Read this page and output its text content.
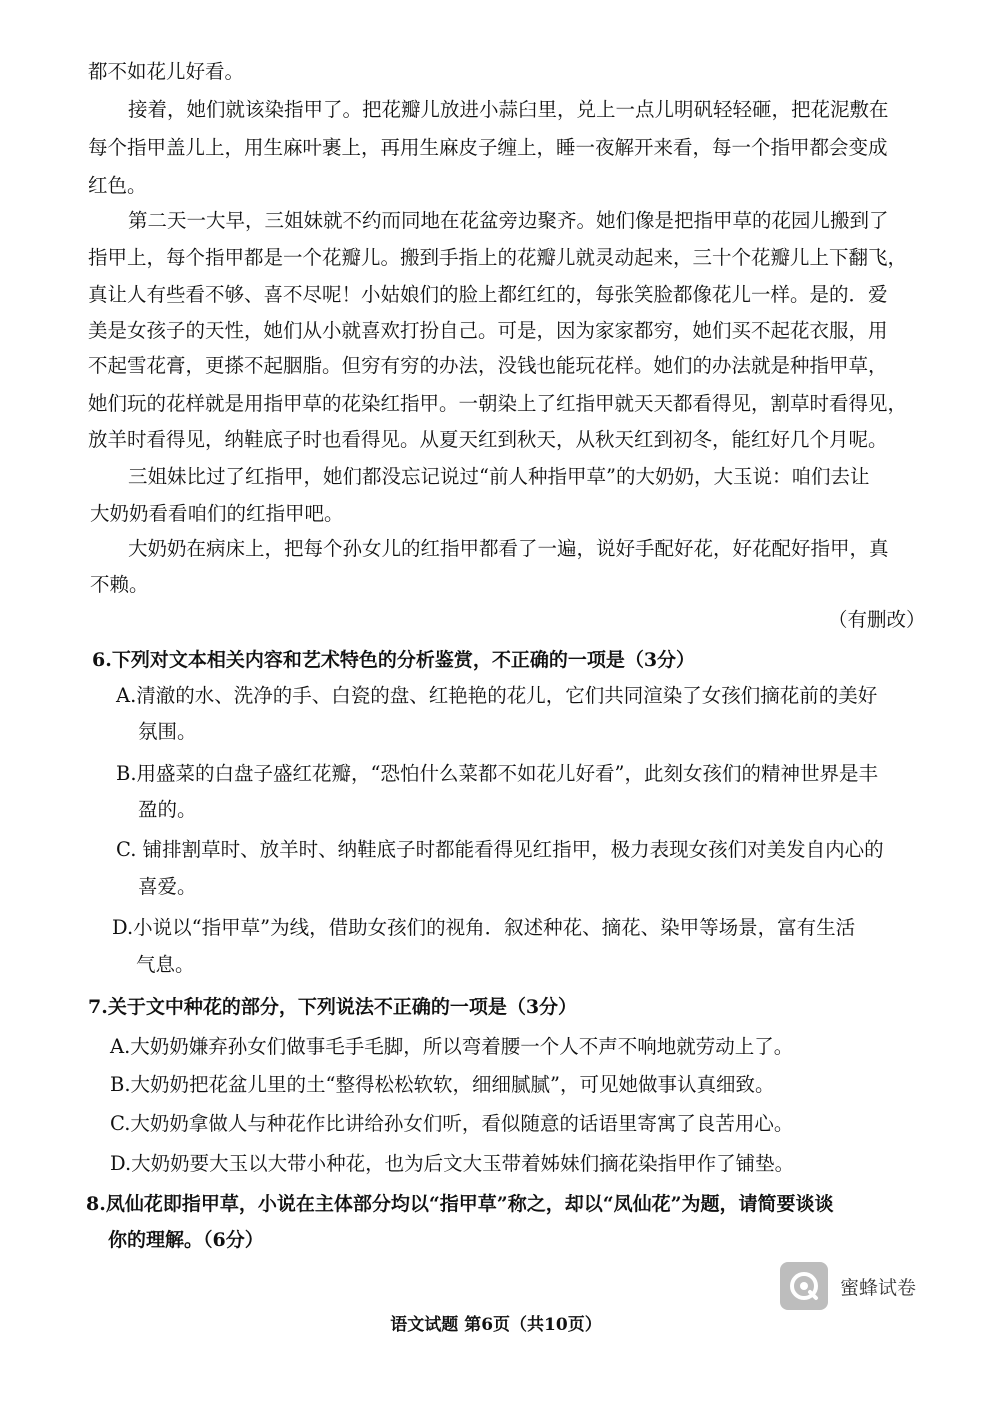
都不如花儿好看。
接着，她们就该染指甲了。把花瓣儿放进小蒜臼里，兑上一点儿明矾轻轻砸，把花泥敷在
每个指甲盖儿上，用生麻叶裹上，再用生麻皮子缠上，睡一夜解开来看，每一个指甲都会变成
红色。
第二天一大早，三姐妹就不约而同地在花盆旁边聚齐。她们像是把指甲草的花园儿搬到了
指甲上，每个指甲都是一个花瓣儿。搬到手指上的花瓣儿就灵动起来，三十个花瓣儿上下翻飞，
真让人有些看不够、喜不尽呢！小姑娘们的脸上都红红的，每张笑脸都像花儿一样。是的．爱
美是女孩子的天性，她们从小就喜欢打扮自己。可是，因为家家都穷，她们买不起花衣服，用
不起雪花膏，更搽不起胭脂。但穷有穷的办法，没钱也能玩花样。她们的办法就是种指甲草，
她们玩的花样就是用指甲草的花染红指甲。一朝染上了红指甲就天天都看得见，割草时看得见，
放羊时看得见，纳鞋底子时也看得见。从夏天红到秋天，从秋天红到初冬，能红好几个月呢。
三姐妹比过了红指甲，她们都没忘记说过“前人种指甲草”的大奶奶，大玉说：咱们去让
大奶奶看看咱们的红指甲吧。
大奶奶在病床上，把每个孙女儿的红指甲都看了一遍，说好手配好花，好花配好指甲，真
不赖。
（有删改）
6.下列对文本相关内容和艺术特色的分析鉴赏，不正确的一项是（3分）
A.清澈的水、洗净的手、白瓷的盘、红艳艳的花儿，它们共同渲染了女孩们摘花前的美好
氛围。
B.用盛菜的白盘子盛红花瓣，“恐怕什么菜都不如花儿好看”，此刻女孩们的精神世界是丰
盈的。
C. 铺排割草时、放羊时、纳鞋底子时都能看得见红指甲，极力表现女孩们对美发自内心的
喜爱。
D.小说以“指甲草”为线，借助女孩们的视角．叙述种花、摘花、染甲等场景，富有生活
气息。
7.关于文中种花的部分，下列说法不正确的一项是（3分）
A.大奶奶嫌弃孙女们做事毛手毛脚，所以弯着腰一个人不声不响地就劳动上了。
B.大奶奶把花盆儿里的土“整得松松软软，细细腻腻”，可见她做事认真细致。
C.大奶奶拿做人与种花作比讲给孙女们听，看似随意的话语里寄寓了良苦用心。
D.大奶奶要大玉以大带小种花，也为后文大玉带着姊妹们摘花染指甲作了铺垫。
8.凤仙花即指甲草，小说在主体部分均以“指甲草”称之，却以“凤仙花”为题，请简要谈谈
你的理解。（6分）
蜜蜂试卷
语文试题 第6页（共10页）
